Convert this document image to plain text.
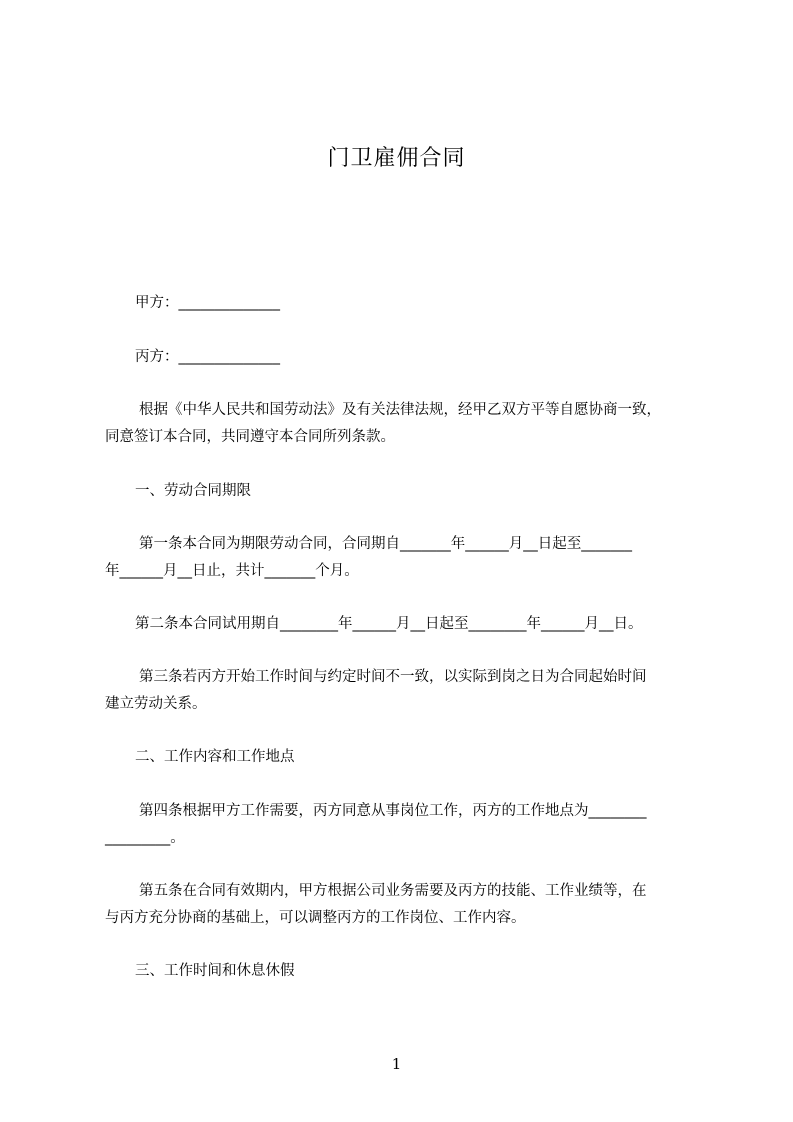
门卫雇佣合同
甲方：______________
丙方：______________
根据《中华人民共和国劳动法》及有关法律法规，经甲乙双方平等自愿协商一致，
同意签订本合同，共同遵守本合同所列条款。
一、劳动合同期限
第一条本合同为期限劳动合同，合同期自_______年______月__日起至_______
年______月__日止，共计_______个月。
第二条本合同试用期自________年______月__日起至________年______月__日。
第三条若丙方开始工作时间与约定时间不一致，以实际到岗之日为合同起始时间
建立劳动关系。
二、工作内容和工作地点
第四条根据甲方工作需要，丙方同意从事岗位工作，丙方的工作地点为________
_________。
第五条在合同有效期内，甲方根据公司业务需要及丙方的技能、工作业绩等，在
与丙方充分协商的基础上，可以调整丙方的工作岗位、工作内容。
三、工作时间和休息休假
1
